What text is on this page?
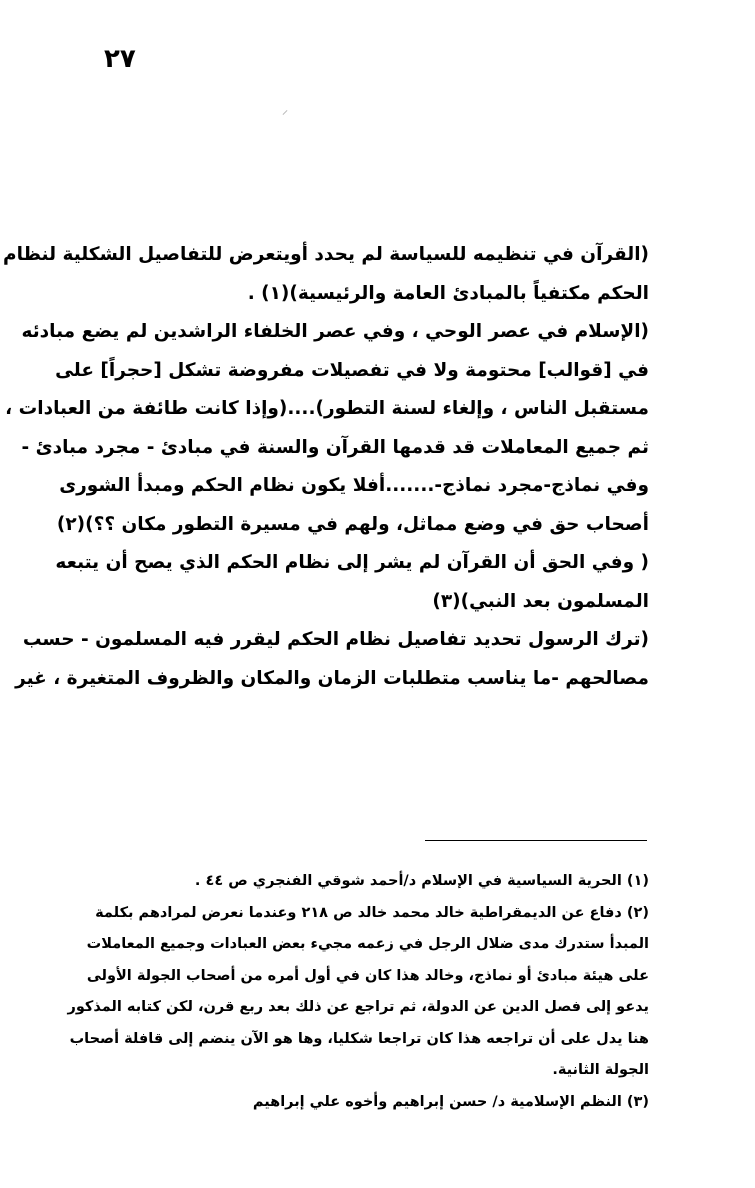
٢٧
(القرآن في تنظيمه للسياسة لم يحدد أويتعرض للتفاصيل الشكلية لنظام
الحكم مكتفياً بالمبادئ العامة والرئيسية)(١) .
(الإسلام في عصر الوحي ، وفي عصر الخلفاء الراشدين لم يضع مبادئه
في [قوالب] محتومة ولا في تفصيلات مفروضة تشكل [حجراً] على
مستقبل الناس ، وإلغاء لسنة التطور)....(وإذا كانت طائفة من العبادات ،
ثم جميع المعاملات قد قدمها القرآن والسنة في مبادئ - مجرد مبادئ -
وفي نماذج-مجرد نماذج-.......أفلا يكون نظام الحكم ومبدأ الشورى
أصحاب حق في وضع مماثل، ولهم في مسيرة التطور مكان ؟؟)(٢)
( وفي الحق أن القرآن لم يشر إلى نظام الحكم الذي يصح أن يتبعه
المسلمون بعد النبي)(٣)
(ترك الرسول تحديد تفاصيل نظام الحكم ليقرر فيه المسلمون - حسب
مصالحهم -ما يناسب متطلبات الزمان والمكان والظروف المتغيرة ، غير
(١) الحرية السياسية في الإسلام د/أحمد شوقي الفنجري ص ٤٤ .
(٢) دفاع عن الديمقراطية خالد محمد خالد ص ٢١٨ وعندما نعرض لمرادهم بكلمة
المبدأ ستدرك مدى ضلال الرجل في زعمه مجيء بعض العبادات وجميع المعاملات
على هيئة مبادئ أو نماذج، وخالد هذا كان في أول أمره من أصحاب الجولة الأولى
يدعو إلى فصل الدين عن الدولة، ثم تراجع عن ذلك بعد ربع قرن، لكن كتابه المذكور
هنا يدل على أن تراجعه هذا كان تراجعا شكليا، وها هو الآن ينضم إلى قافلة أصحاب
الجولة الثانية.
(٣) النظم الإسلامية د/ حسن إبراهيم وأخوه علي إبراهيم
